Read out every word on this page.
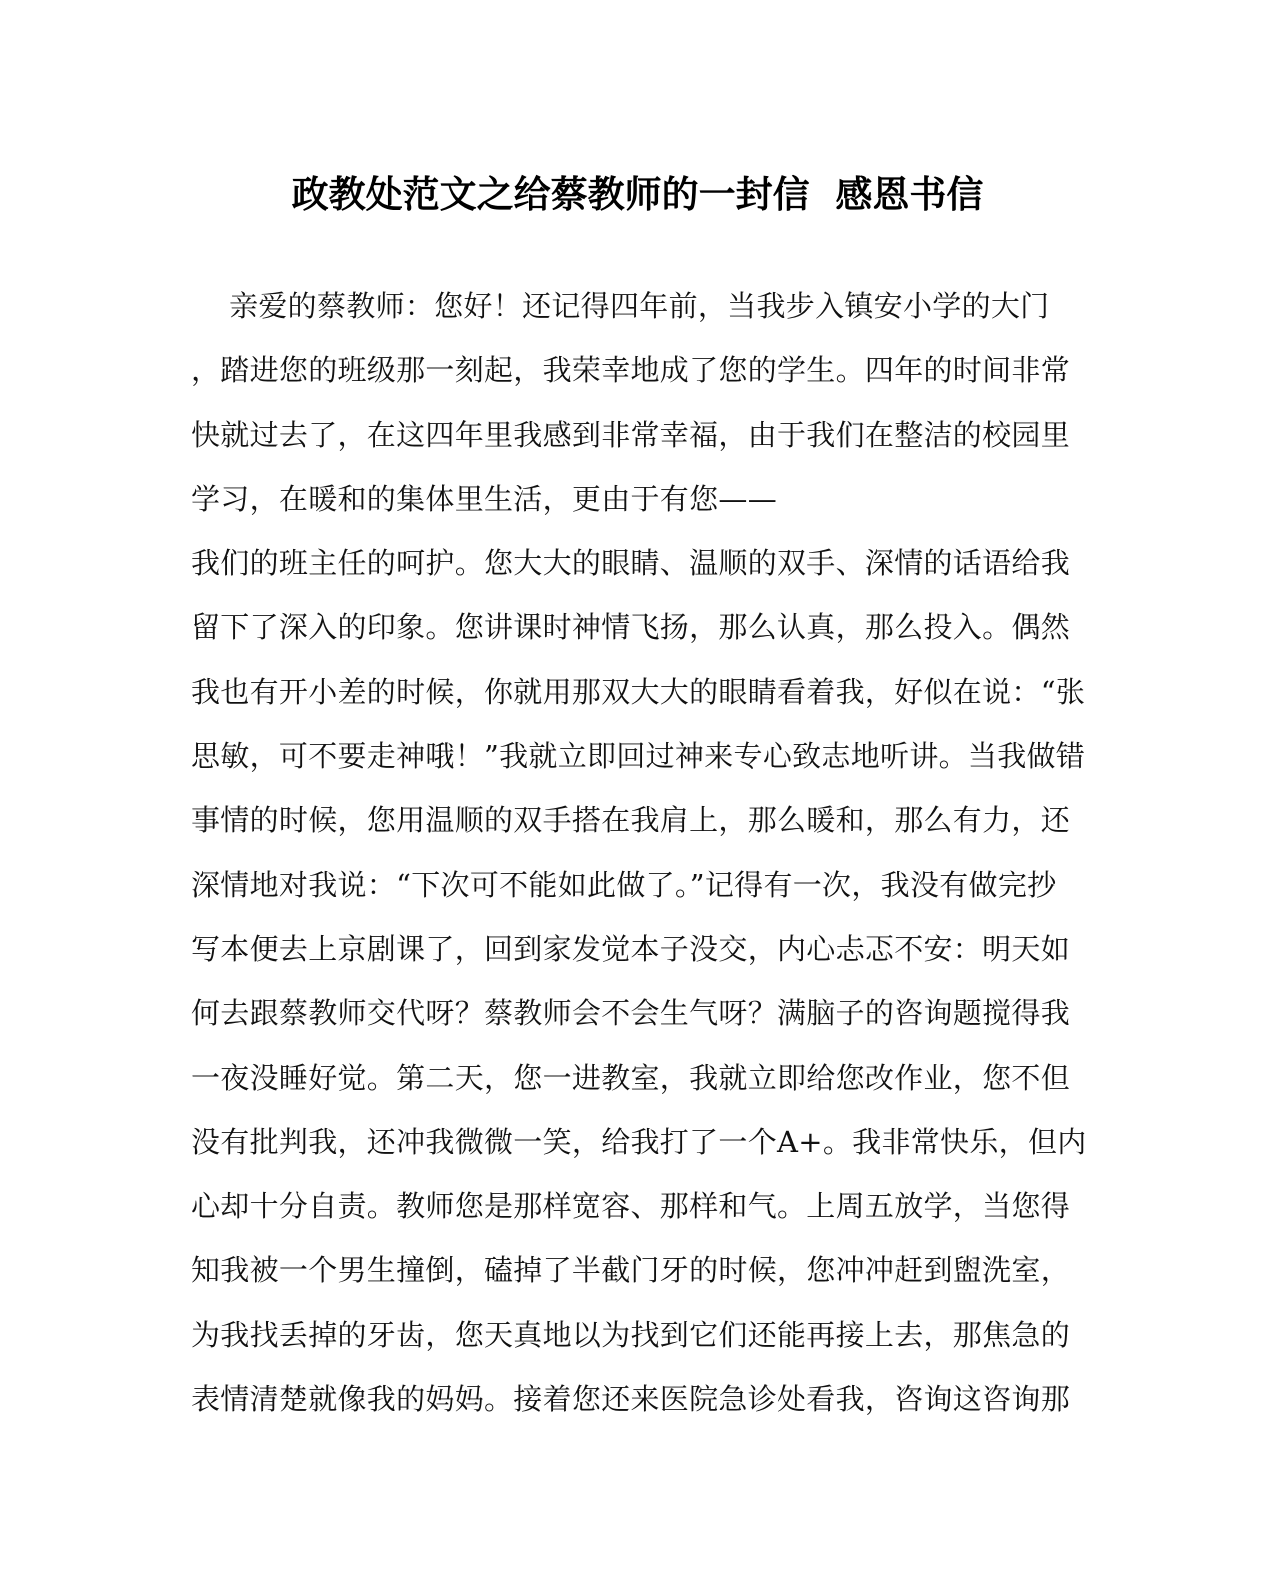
政教处范文之给蔡教师的一封信  感恩书信
亲爱的蔡教师：您好！还记得四年前，当我步入镇安小学的大门
，踏进您的班级那一刻起，我荣幸地成了您的学生。四年的时间非常
快就过去了，在这四年里我感到非常幸福，由于我们在整洁的校园里
学习，在暖和的集体里生活，更由于有您——
我们的班主任的呵护。您大大的眼睛、温顺的双手、深情的话语给我
留下了深入的印象。您讲课时神情飞扬，那么认真，那么投入。偶然
我也有开小差的时候，你就用那双大大的眼睛看着我，好似在说：“张
思敏，可不要走神哦！”我就立即回过神来专心致志地听讲。当我做错
事情的时候，您用温顺的双手搭在我肩上，那么暖和，那么有力，还
深情地对我说：“下次可不能如此做了。”记得有一次，我没有做完抄
写本便去上京剧课了，回到家发觉本子没交，内心忐忑不安：明天如
何去跟蔡教师交代呀？蔡教师会不会生气呀？满脑子的咨询题搅得我
一夜没睡好觉。第二天，您一进教室，我就立即给您改作业，您不但
没有批判我，还冲我微微一笑，给我打了一个A+。我非常快乐，但内
心却十分自责。教师您是那样宽容、那样和气。上周五放学，当您得
知我被一个男生撞倒，磕掉了半截门牙的时候，您冲冲赶到盥洗室，
为我找丢掉的牙齿，您天真地以为找到它们还能再接上去，那焦急的
表情清楚就像我的妈妈。接着您还来医院急诊处看我，咨询这咨询那
